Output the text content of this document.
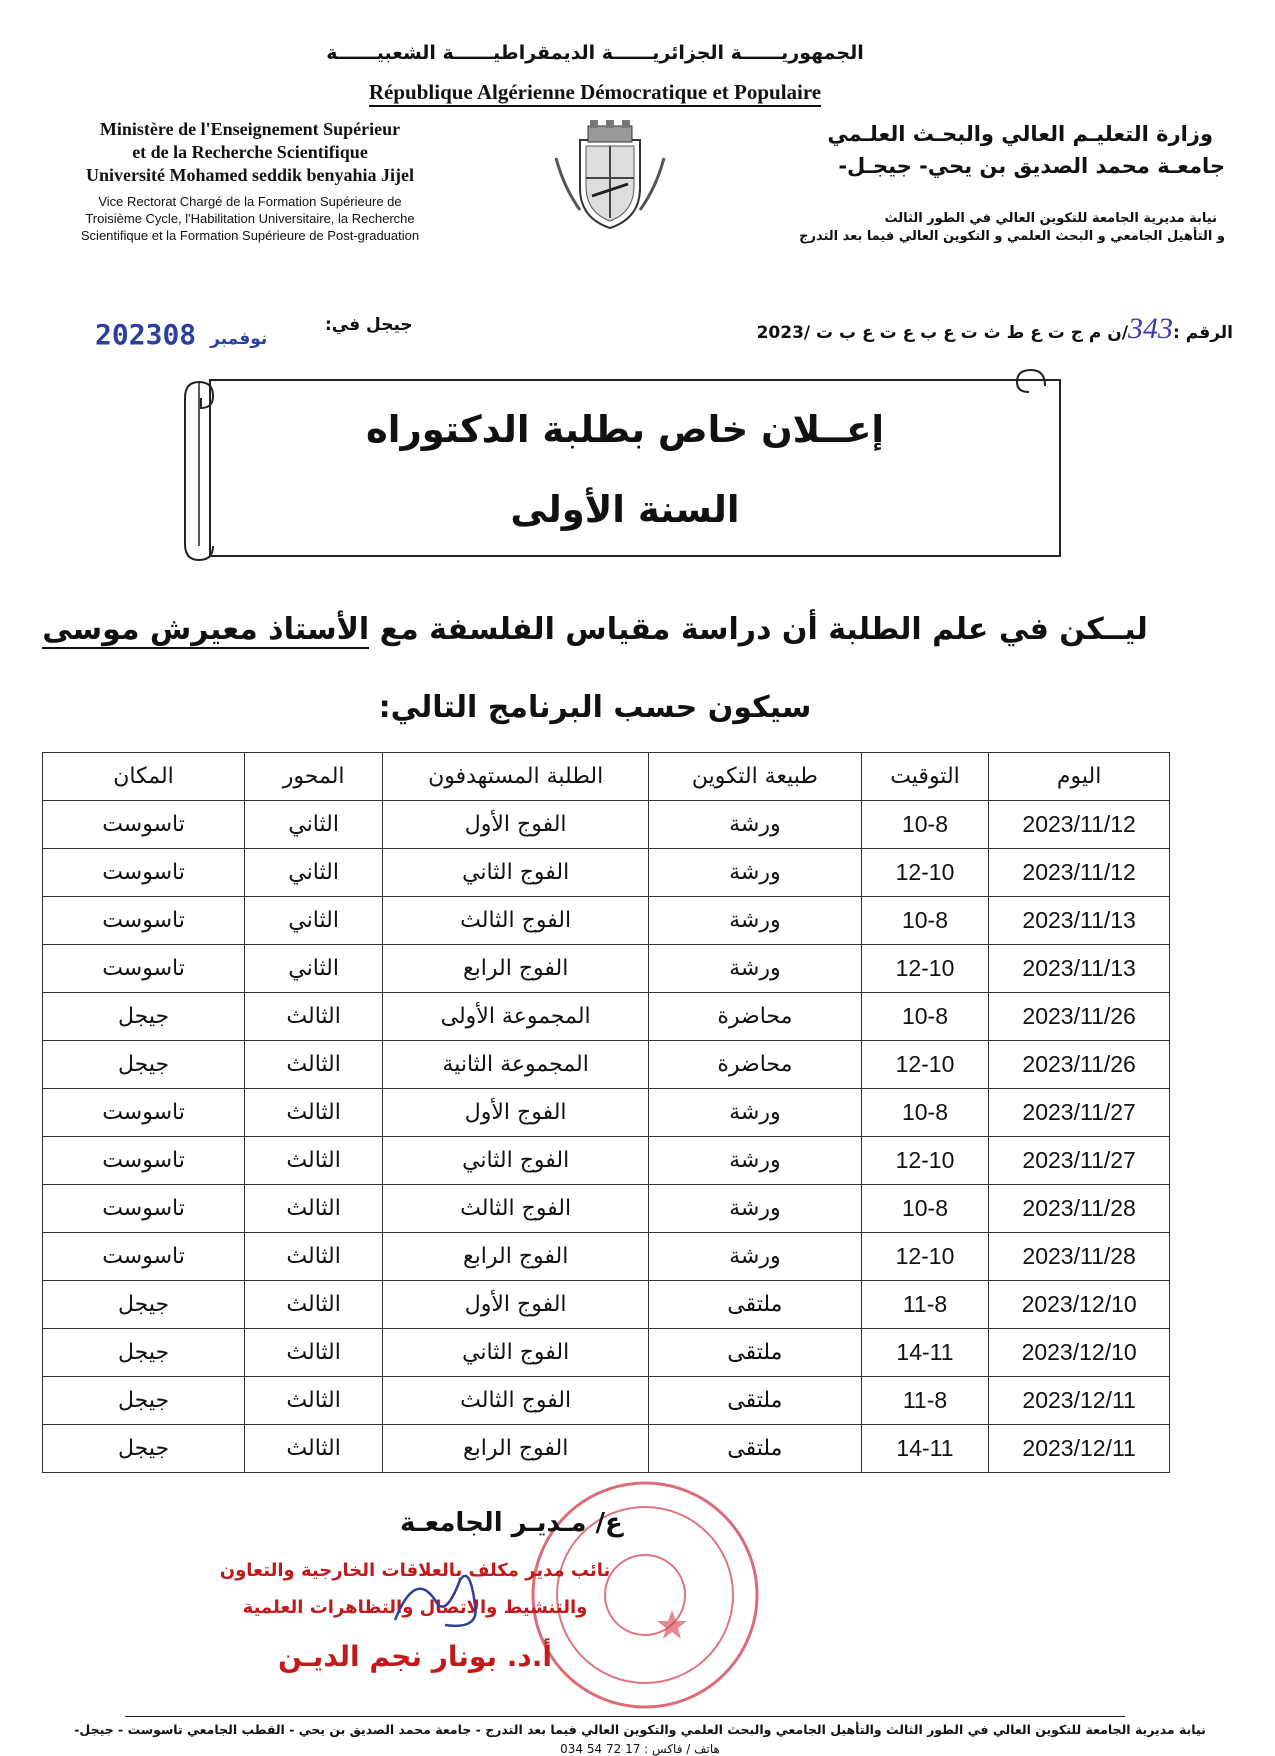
الجمهوريــــــة الجزائريــــــة الديمقراطيــــــة الشعبيــــــة
République Algérienne Démocratique et Populaire
Ministère de l'Enseignement Supérieur
et de la Recherche Scientifique
Université Mohamed seddik benyahia Jijel
Vice Rectorat Chargé de la Formation Supérieure de
Troisième Cycle, l'Habilitation Universitaire, la Recherche
Scientifique et la Formation Supérieure de Post-graduation
وزارة التعليـم العالي والبحـث العلـمي
جامعـة محمد الصديق بن يحي- جيجـل-
نيابة مديرية الجامعة للتكوين العالي في الطور الثالث
و التأهيل الجامعي و البحث العلمي و التكوين العالي فيما بعد التدرج
الرقم :343/ن م ج ت ع ط ث ت ع ب ع ت ع ب ت /2023
جيجل في:
2023	نوفمبر08
إعــلان خاص بطلبة الدكتوراه
السنة الأولى
ليــكن في علم الطلبة أن دراسة مقياس الفلسفة مع الأستاذ معيرش موسى
سيكون حسب البرنامج التالي:
اليوم	التوقيت	طبيعة التكوين	الطلبة المستهدفون	المحور	المكان
2023/11/12	10-8	ورشة	الفوج الأول	الثاني	تاسوست
2023/11/12	12-10	ورشة	الفوج الثاني	الثاني	تاسوست
2023/11/13	10-8	ورشة	الفوج الثالث	الثاني	تاسوست
2023/11/13	12-10	ورشة	الفوج الرابع	الثاني	تاسوست
2023/11/26	10-8	محاضرة	المجموعة الأولى	الثالث	جيجل
2023/11/26	12-10	محاضرة	المجموعة الثانية	الثالث	جيجل
2023/11/27	10-8	ورشة	الفوج الأول	الثالث	تاسوست
2023/11/27	12-10	ورشة	الفوج الثاني	الثالث	تاسوست
2023/11/28	10-8	ورشة	الفوج الثالث	الثالث	تاسوست
2023/11/28	12-10	ورشة	الفوج الرابع	الثالث	تاسوست
2023/12/10	11-8	ملتقى	الفوج الأول	الثالث	جيجل
2023/12/10	14-11	ملتقى	الفوج الثاني	الثالث	جيجل
2023/12/11	11-8	ملتقى	الفوج الثالث	الثالث	جيجل
2023/12/11	14-11	ملتقى	الفوج الرابع	الثالث	جيجل
ع/ مـديـر الجامعـة
نائب مدير مكلف بالعلاقات الخارجية والتعاون
والتنشيط والاتصال والتظاهرات العلمية
أ.د. بونار نجم الديـن
نيابة مديرية الجامعة للتكوين العالي في الطور الثالث والتأهيل الجامعي والبحث العلمي والتكوين العالي فيما بعد التدرج - جامعة محمد الصديق بن يحي - القطب الجامعي تاسوست - جيجل-
هاتف / فاكس : 17 72 54 034
